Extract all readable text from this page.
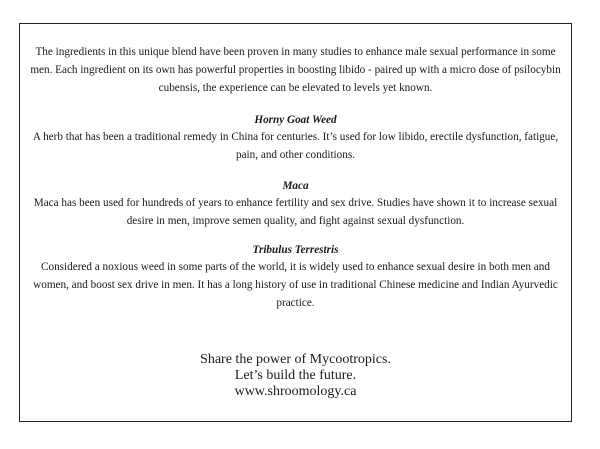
The ingredients in this unique blend have been proven in many studies to enhance male sexual performance in some men. Each ingredient on its own has powerful properties in boosting libido - paired up with a micro dose of psilocybin cubensis, the experience can be elevated to levels yet known.

Horny Goat Weed

A herb that has been a traditional remedy in China for centuries. It’s used for low libido, erectile dysfunction, fatigue, pain, and other conditions.

Maca

Maca has been used for hundreds of years to enhance fertility and sex drive. Studies have shown it to increase sexual desire in men, improve semen quality, and fight against sexual dysfunction.

Tribulus Terrestris

Considered a noxious weed in some parts of the world, it is widely used to enhance sexual desire in both men and women, and boost sex drive in men. It has a long history of use in traditional Chinese medicine and Indian Ayurvedic practice.

Share the power of Mycootropics.
Let’s build the future.
www.shroomology.ca
